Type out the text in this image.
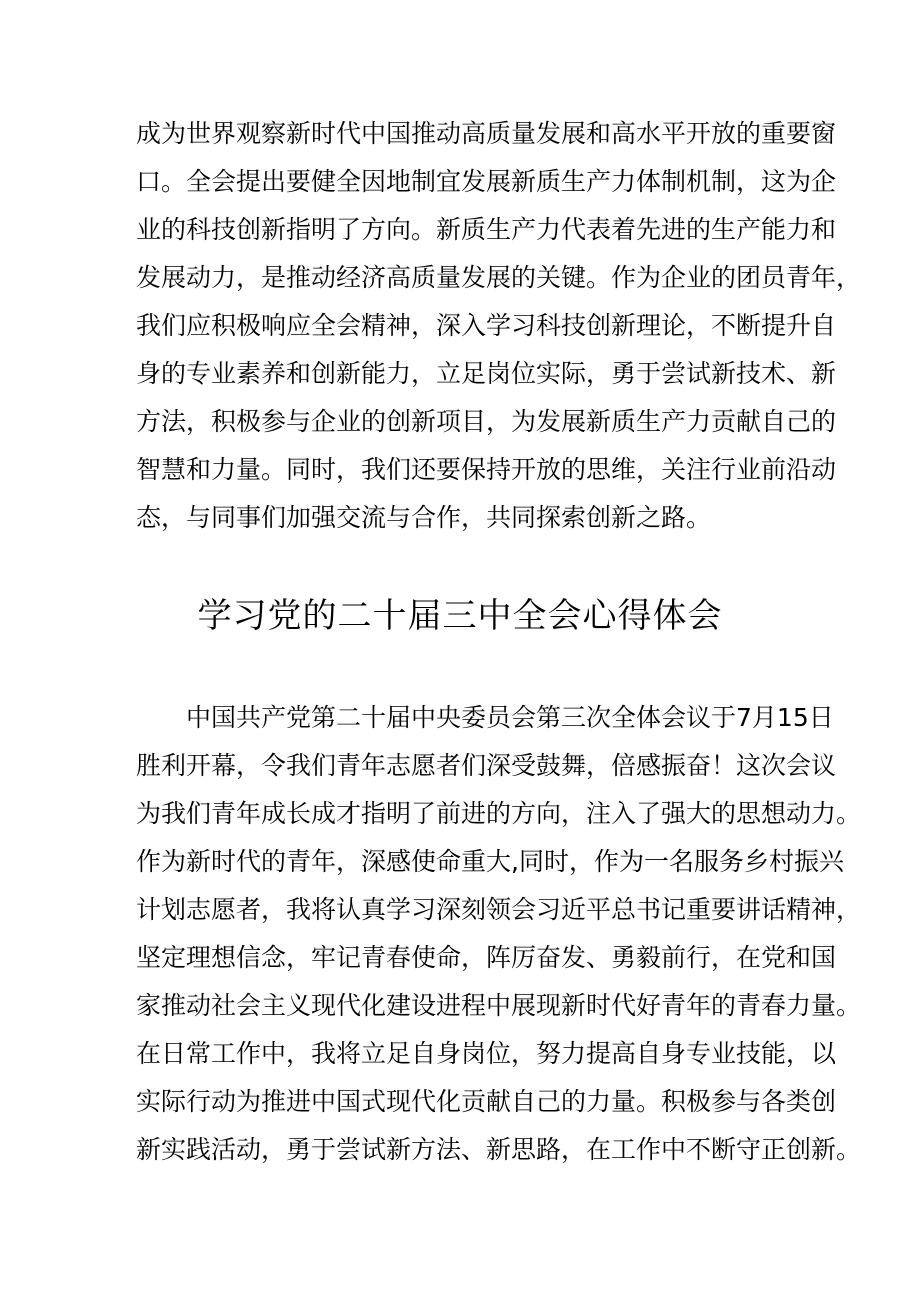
成为世界观察新时代中国推动高质量发展和高水平开放的重要窗
口。全会提出要健全因地制宜发展新质生产力体制机制，这为企
业的科技创新指明了方向。新质生产力代表着先进的生产能力和
发展动力，是推动经济高质量发展的关键。作为企业的团员青年，
我们应积极响应全会精神，深入学习科技创新理论，不断提升自
身的专业素养和创新能力，立足岗位实际，勇于尝试新技术、新
方法，积极参与企业的创新项目，为发展新质生产力贡献自己的
智慧和力量。同时，我们还要保持开放的思维，关注行业前沿动
态，与同事们加强交流与合作，共同探索创新之路。
学习党的二十届三中全会心得体会
中国共产党第二十届中央委员会第三次全体会议于7月15日
胜利开幕，令我们青年志愿者们深受鼓舞，倍感振奋！这次会议
为我们青年成长成才指明了前进的方向，注入了强大的思想动力。
作为新时代的青年，深感使命重大,同时，作为一名服务乡村振兴
计划志愿者，我将认真学习深刻领会习近平总书记重要讲话精神，
坚定理想信念，牢记青春使命，阵厉奋发、勇毅前行，在党和国
家推动社会主义现代化建设进程中展现新时代好青年的青春力量。
在日常工作中，我将立足自身岗位，努力提高自身专业技能，以
实际行动为推进中国式现代化贡献自己的力量。积极参与各类创
新实践活动，勇于尝试新方法、新思路，在工作中不断守正创新。
